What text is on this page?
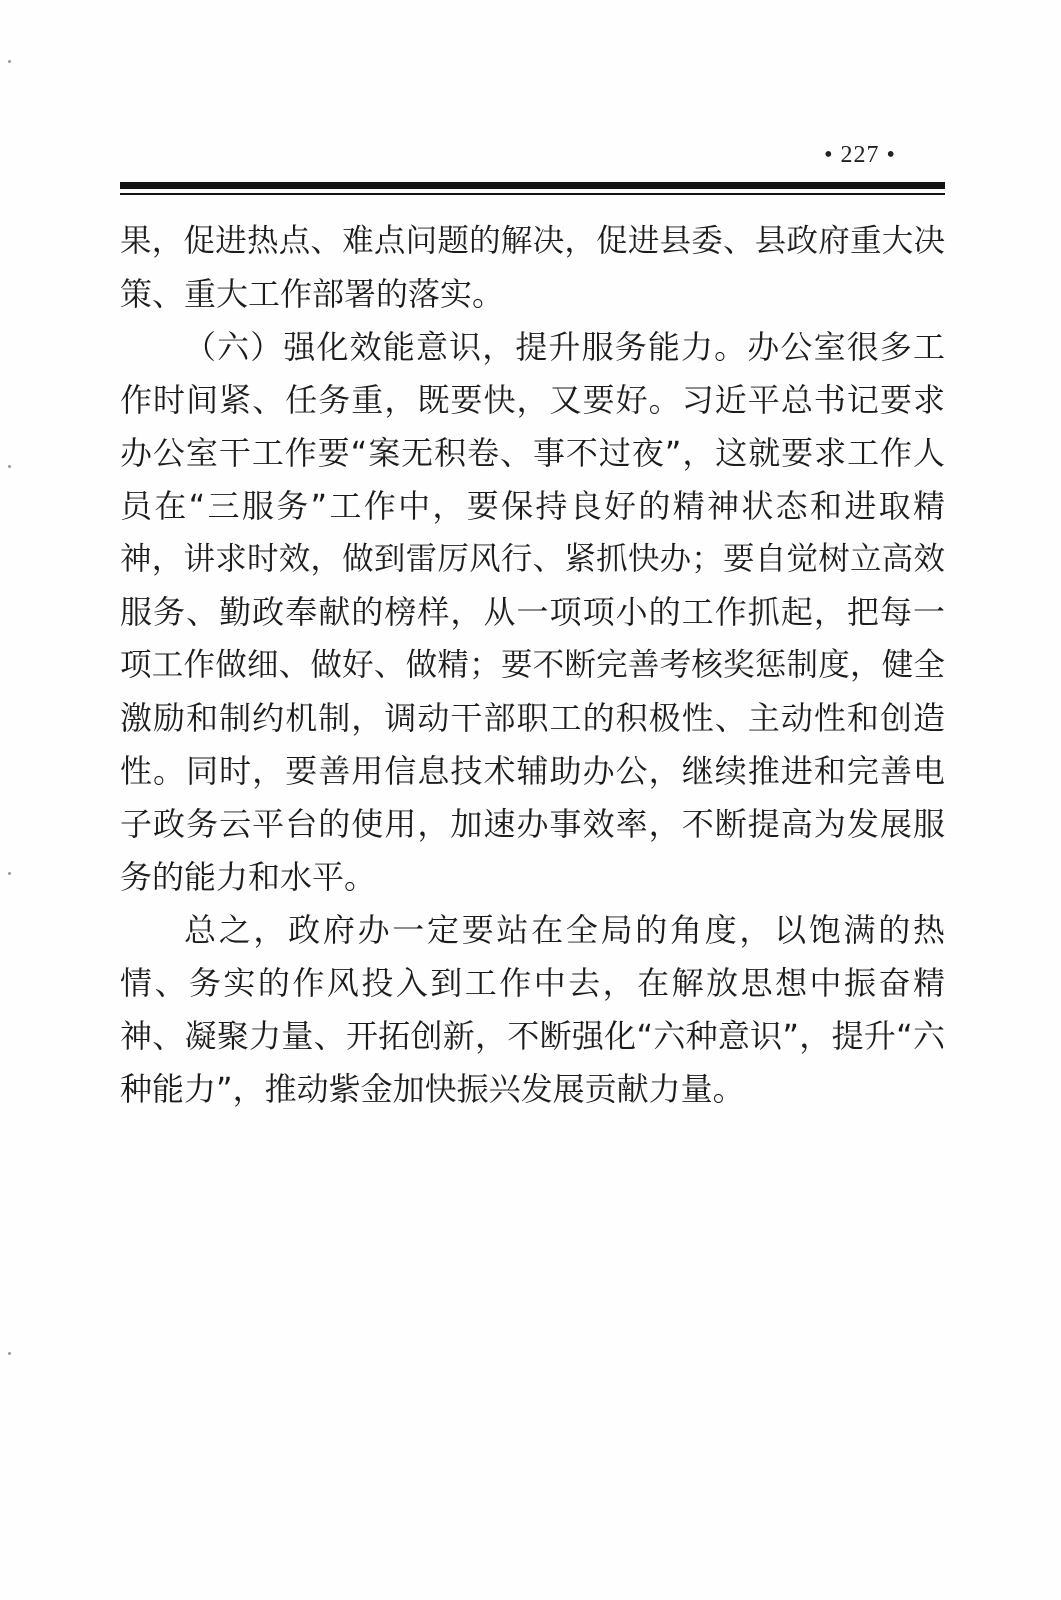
• 227 •
果，促进热点、难点问题的解决，促进县委、县政府重大决
策、重大工作部署的落实。
（六）强化效能意识，提升服务能力。办公室很多工
作时间紧、任务重，既要快，又要好。习近平总书记要求
办公室干工作要“案无积卷、事不过夜”，这就要求工作人
员在“三服务”工作中，要保持良好的精神状态和进取精
神，讲求时效，做到雷厉风行、紧抓快办；要自觉树立高效
服务、勤政奉献的榜样，从一项项小的工作抓起，把每一
项工作做细、做好、做精；要不断完善考核奖惩制度，健全
激励和制约机制，调动干部职工的积极性、主动性和创造
性。同时，要善用信息技术辅助办公，继续推进和完善电
子政务云平台的使用，加速办事效率，不断提高为发展服
务的能力和水平。
总之，政府办一定要站在全局的角度，以饱满的热
情、务实的作风投入到工作中去，在解放思想中振奋精
神、凝聚力量、开拓创新，不断强化“六种意识”，提升“六
种能力”，推动紫金加快振兴发展贡献力量。
